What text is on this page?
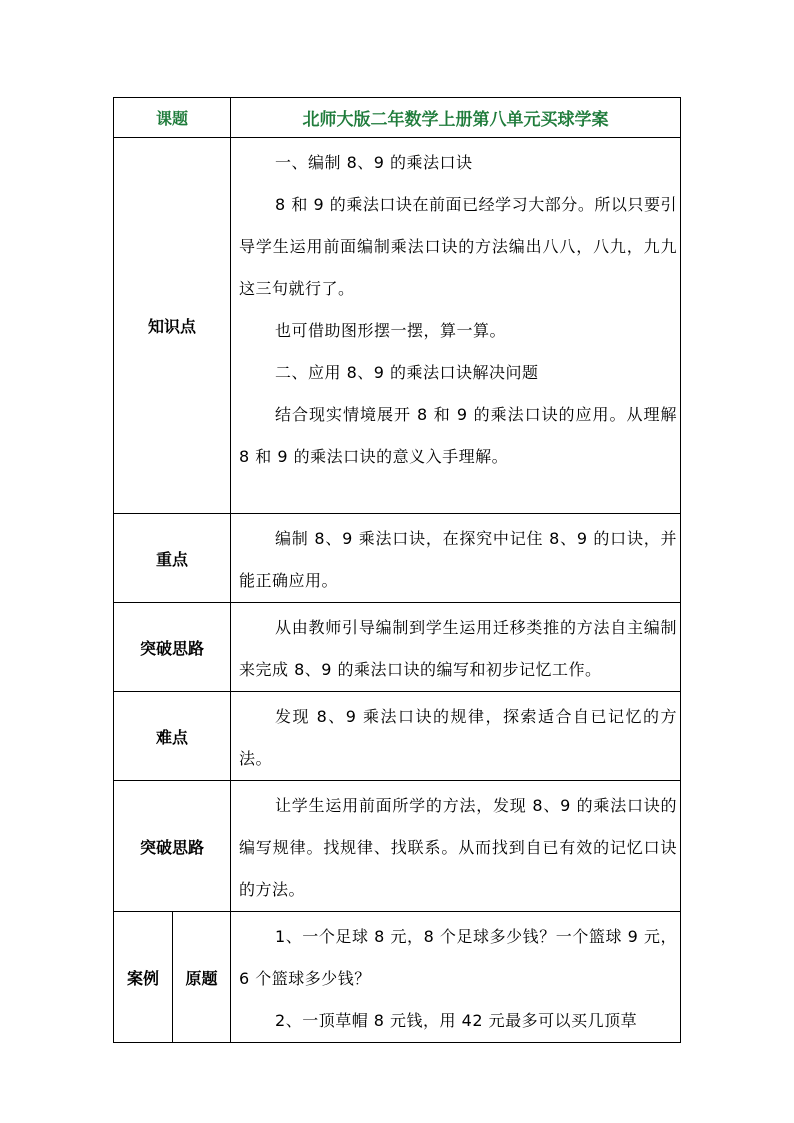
课题		北师大版二年数学上册第八单元买球学案
知识点		一、编制 8、9 的乘法口诀

8 和 9 的乘法口诀在前面已经学习大部分。所以只要引导学生运用前面编制乘法口诀的方法编出八八，八九，九九这三句就行了。

也可借助图形摆一摆，算一算。

二、应用 8、9 的乘法口诀解决问题

结合现实情境展开 8 和 9 的乘法口诀的应用。从理解 8 和 9 的乘法口诀的意义入手理解。

重点		编制 8、9 乘法口诀，在探究中记住 8、9 的口诀，并能正确应用。

突破思路		从由教师引导编制到学生运用迁移类推的方法自主编制来完成 8、9 的乘法口诀的编写和初步记忆工作。

难点		发现 8、9 乘法口诀的规律，探索适合自已记忆的方法。

突破思路		让学生运用前面所学的方法，发现 8、9 的乘法口诀的编写规律。找规律、找联系。从而找到自已有效的记忆口诀的方法。

案例	原题	1、一个足球 8 元，8 个足球多少钱？一个篮球 9 元，6 个篮球多少钱？

2、一顶草帽 8 元钱，用 42 元最多可以买几顶草
